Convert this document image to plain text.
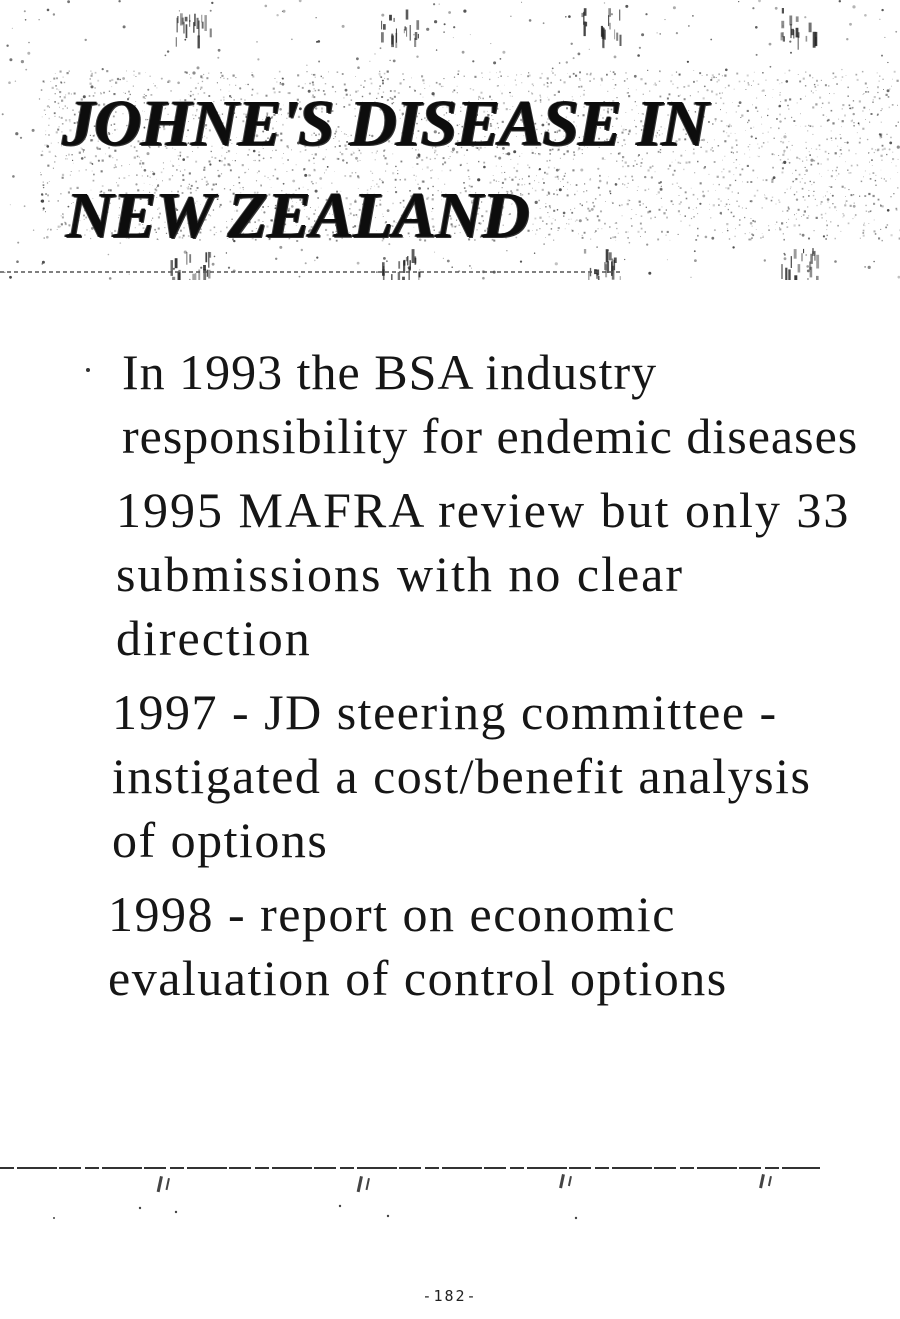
JOHNE'S DISEASE IN
NEW ZEALAND
In 1993 the BSA industry responsibility for endemic diseases
1995 MAFRA review but only 33 submissions with no clear direction
1997 - JD steering committee - instigated a cost/benefit analysis of options
1998 - report on economic evaluation of control options

-182-
